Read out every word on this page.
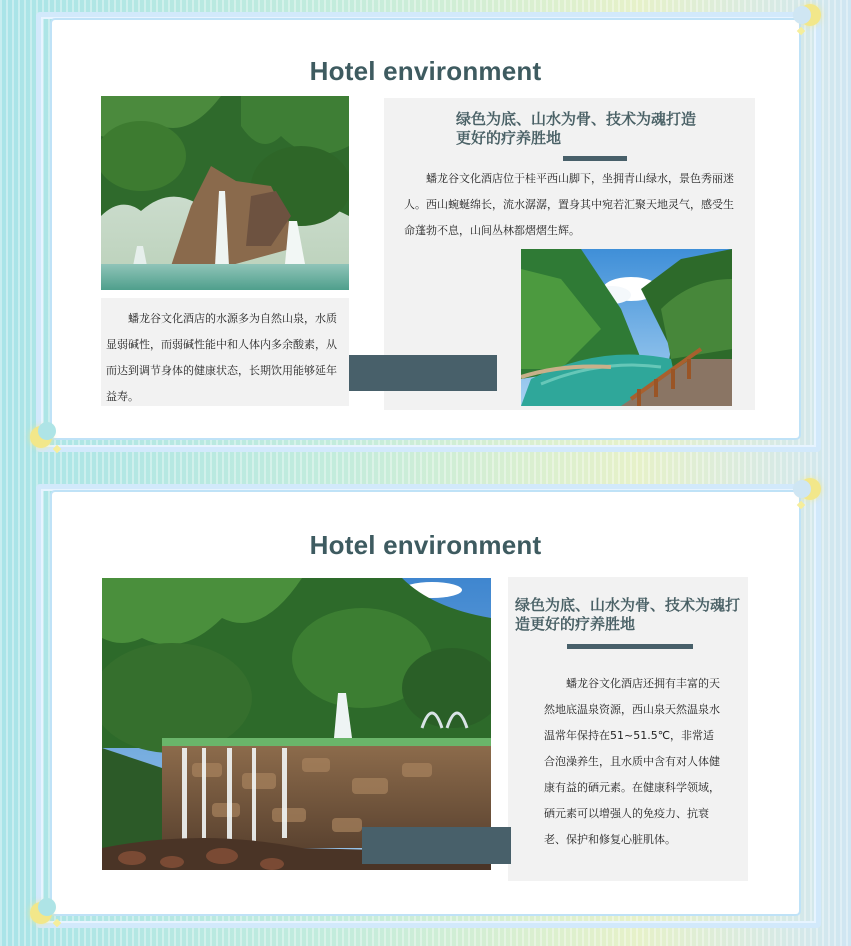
Hotel environment

蟠龙谷文化酒店的水源多为自然山泉，水质显弱碱性，而弱碱性能中和人体内多余酸素，从而达到调节身体的健康状态，长期饮用能够延年益寿。

绿色为底、山水为骨、技术为魂打造更好的疗养胜地

蟠龙谷文化酒店位于桂平西山脚下，坐拥青山绿水，景色秀丽迷人。西山蜿蜒绵长，流水潺潺，置身其中宛若汇聚天地灵气，感受生命蓬勃不息，山间丛林都熠熠生辉。

Hotel environment
绿色为底、山水为骨、技术为魂打造更好的疗养胜地

蟠龙谷文化酒店还拥有丰富的天然地底温泉资源，西山泉天然温泉水温常年保持在51~51.5℃，非常适合泡澡养生，且水质中含有对人体健康有益的硒元素。在健康科学领域，硒元素可以增强人的免疫力、抗衰老、保护和修复心脏肌体。
